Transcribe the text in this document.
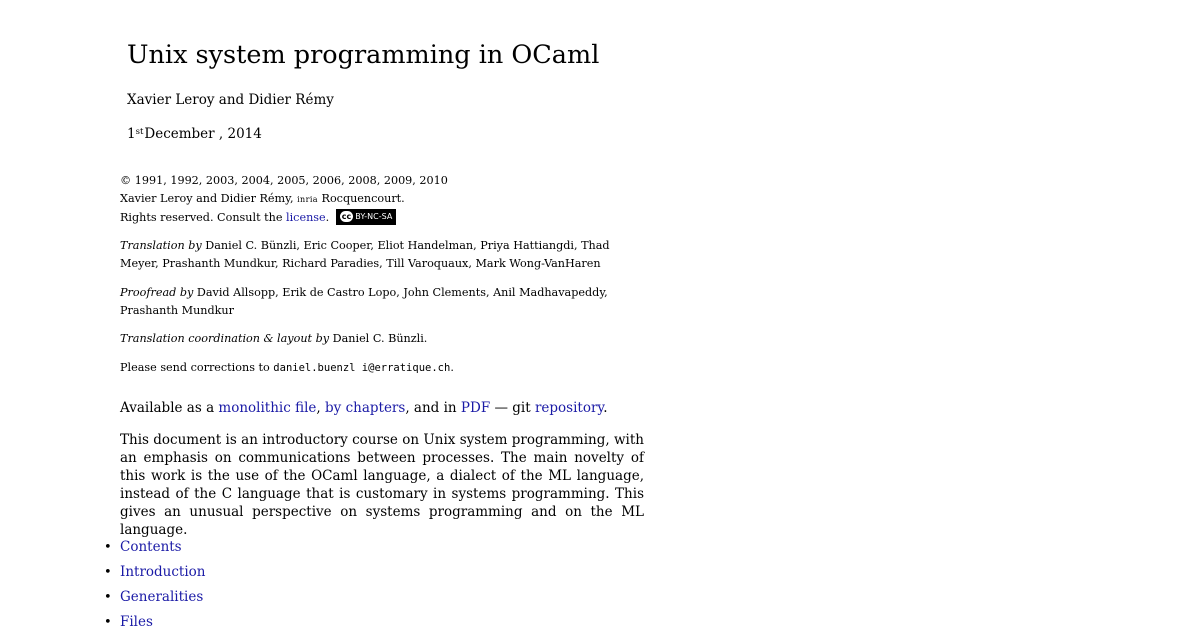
Unix system programming in OCaml
Xavier Leroy and Didier Rémy
1stDecember , 2014
© 1991, 1992, 2003, 2004, 2005, 2006, 2008, 2009, 2010
Xavier Leroy and Didier Rémy, inria Rocquencourt.
Rights reserved. Consult the license. cc BY-NC-SA
Translation by Daniel C. Bünzli, Eric Cooper, Eliot Handelman, Priya Hattiangdi, Thad Meyer, Prashanth Mundkur, Richard Paradies, Till Varoquaux, Mark Wong-VanHaren
Proofread by David Allsopp, Erik de Castro Lopo, John Clements, Anil Madhavapeddy, Prashanth Mundkur
Translation coordination & layout by Daniel C. Bünzli.
Please send corrections to daniel.buenzl i@erratique.ch.
Available as a monolithic file, by chapters, and in PDF — git repository.
This document is an introductory course on Unix system programming, with an emphasis on communications between processes. The main novelty of this work is the use of the OCaml language, a dialect of the ML language, instead of the C language that is customary in systems programming. This gives an unusual perspective on systems programming and on the ML language.
• Contents
• Introduction
• Generalities
• Files
